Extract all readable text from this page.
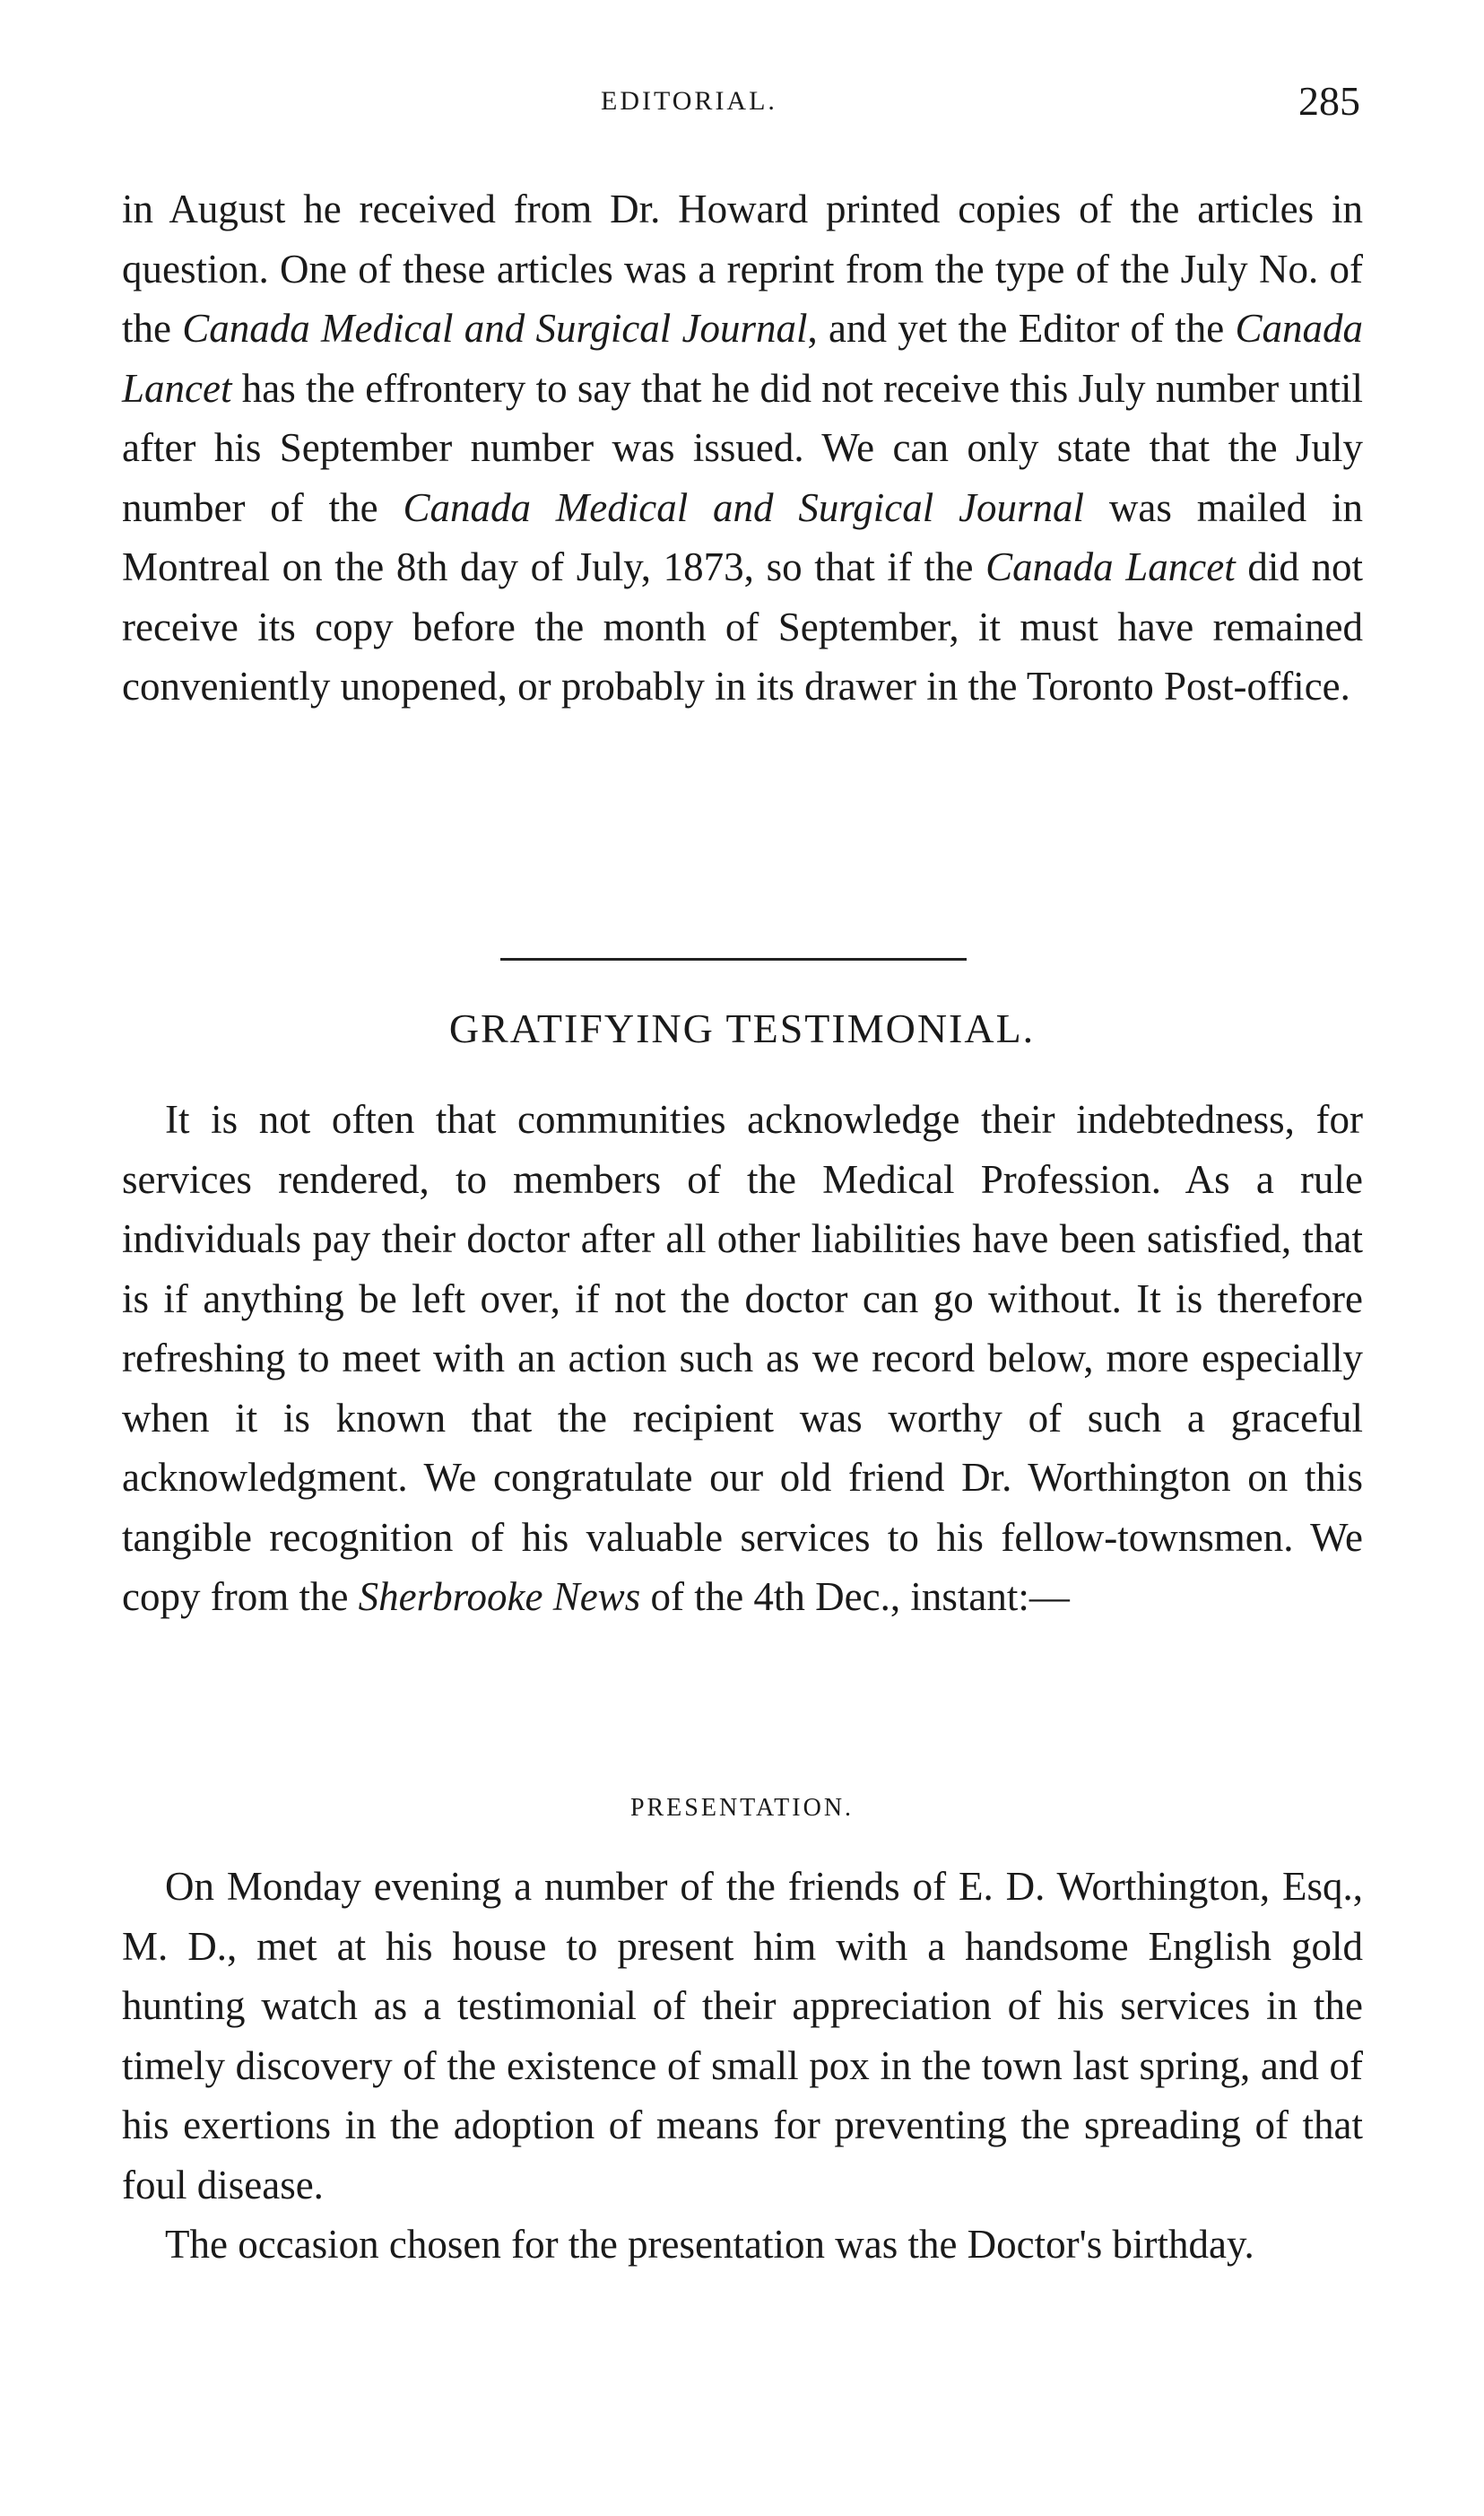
EDITORIAL.	285

in August he received from Dr. Howard printed copies of the articles in question. One of these articles was a reprint from the type of the July No. of the Canada Medical and Surgical Journal, and yet the Editor of the Canada Lancet has the effrontery to say that he did not receive this July number until after his September number was issued. We can only state that the July number of the Canada Medical and Surgical Journal was mailed in Montreal on the 8th day of July, 1873, so that if the Canada Lancet did not receive its copy before the month of September, it must have remained conveniently unopened, or probably in its drawer in the Toronto Post-office.

GRATIFYING TESTIMONIAL.

It is not often that communities acknowledge their indebtedness, for services rendered, to members of the Medical Profession. As a rule individuals pay their doctor after all other liabilities have been satisfied, that is if anything be left over, if not the doctor can go without. It is therefore refreshing to meet with an action such as we record below, more especially when it is known that the recipient was worthy of such a graceful acknowledgment. We congratulate our old friend Dr. Worthington on this tangible recognition of his valuable services to his fellow-townsmen. We copy from the Sherbrooke News of the 4th Dec., instant:—

PRESENTATION.

On Monday evening a number of the friends of E. D. Worthington, Esq., M. D., met at his house to present him with a handsome English gold hunting watch as a testimonial of their appreciation of his services in the timely discovery of the existence of small pox in the town last spring, and of his exertions in the adoption of means for preventing the spreading of that foul disease.

The occasion chosen for the presentation was the Doctor's birthday.
